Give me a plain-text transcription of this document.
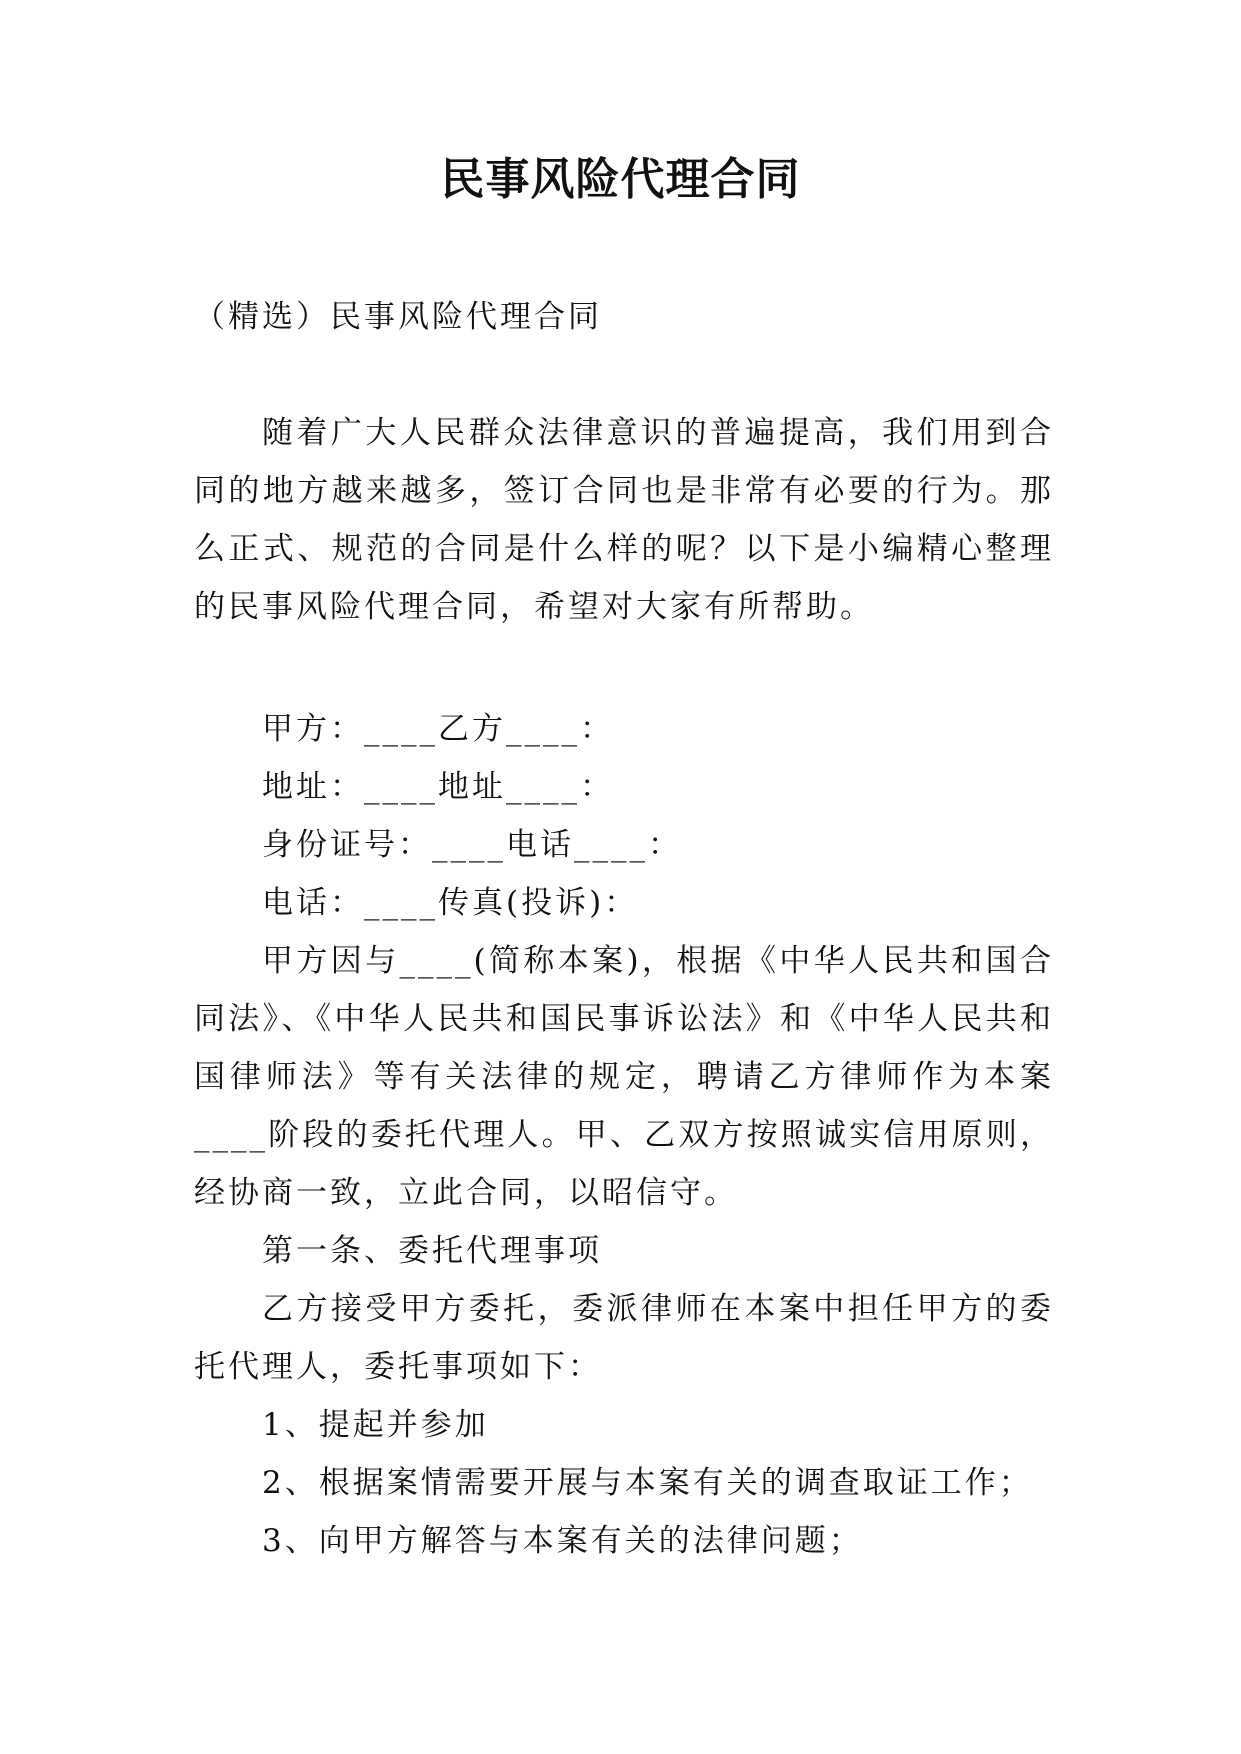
民事风险代理合同
（精选）民事风险代理合同

随着广大人民群众法律意识的普遍提高，我们用到合同的地方越来越多，签订合同也是非常有必要的行为。那么正式、规范的合同是什么样的呢？以下是小编精心整理的民事风险代理合同，希望对大家有所帮助。

甲方：____乙方____：

地址：____地址____：

身份证号：____电话____：

电话：____传真(投诉)：

甲方因与____(简称本案)，根据《中华人民共和国合同法》、《中华人民共和国民事诉讼法》和《中华人民共和国律师法》等有关法律的规定，聘请乙方律师作为本案____阶段的委托代理人。甲、乙双方按照诚实信用原则，经协商一致，立此合同，以昭信守。

第一条、委托代理事项

乙方接受甲方委托，委派律师在本案中担任甲方的委托代理人，委托事项如下：

1、提起并参加

2、根据案情需要开展与本案有关的调查取证工作；

3、向甲方解答与本案有关的法律问题；
